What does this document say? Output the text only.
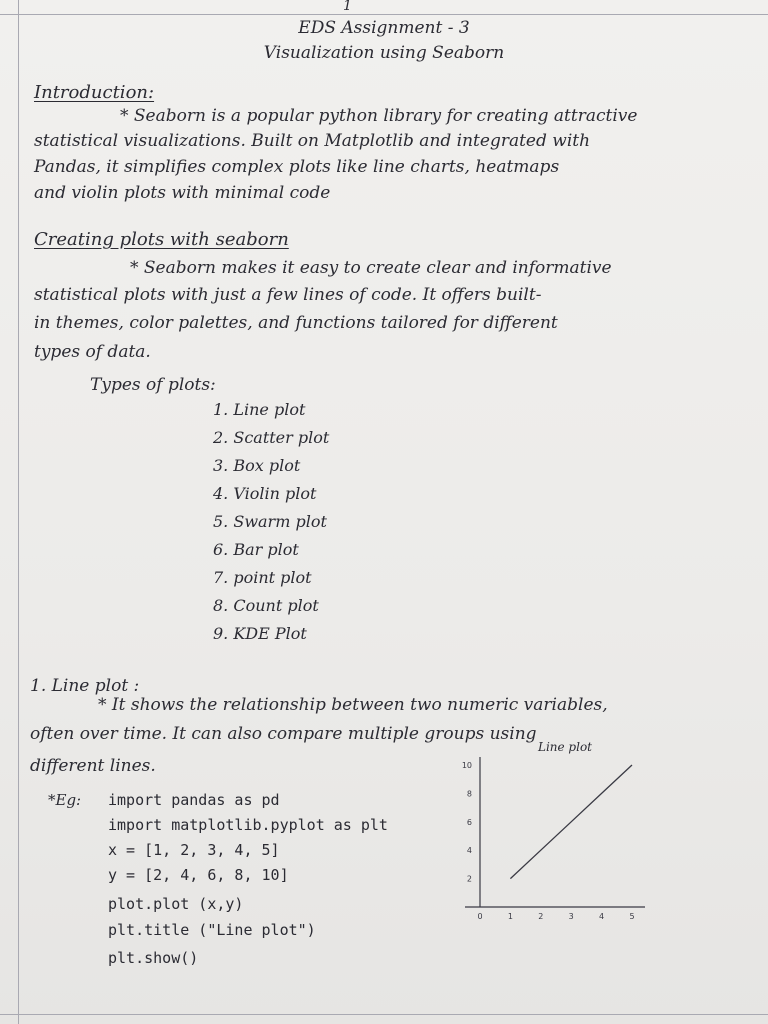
1
EDS Assignment - 3
Visualization using Seaborn
Introduction:
* Seaborn is a popular python library for creating attractive
statistical visualizations. Built on Matplotlib and integrated with
Pandas, it simplifies complex plots like line charts, heatmaps
and violin plots with minimal code
Creating plots with seaborn
* Seaborn makes it easy to create clear and informative
statistical plots with just a few lines of code. It offers built-
in themes, color palettes, and functions tailored for different
types of data.
Types of plots:
1. Line plot
2. Scatter plot
3. Box plot
4. Violin plot
5. Swarm plot
6. Bar plot
7. point plot
8. Count plot
9. KDE Plot
1. Line plot :
* It shows the relationship between two numeric variables,
often over time. It can also compare multiple groups using
different lines.
*Eg: import pandas as pd
import matplotlib.pyplot as plt
x = [1, 2, 3, 4, 5]
y = [2, 4, 6, 8, 10]
plot.plot (x,y)
plt.title ("Line plot")
plt.show()
Line plot
0	1	2	3	4	5
2
4
6
8
10
